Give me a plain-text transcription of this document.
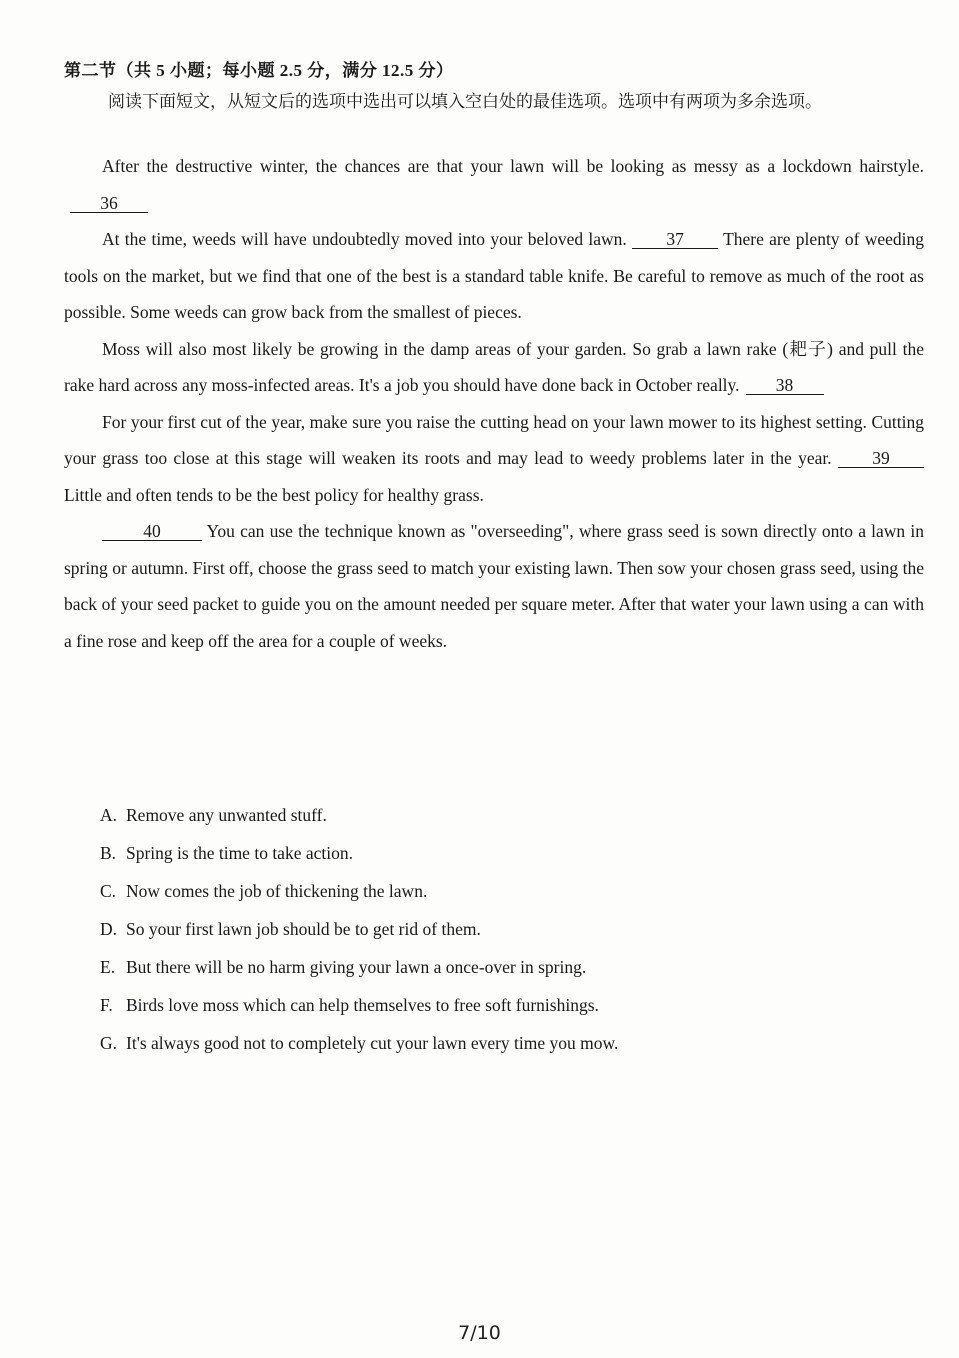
第二节（共 5 小题；每小题 2.5 分，满分 12.5 分）
阅读下面短文，从短文后的选项中选出可以填入空白处的最佳选项。选项中有两项为多余选项。

After the destructive winter, the chances are that your lawn will be looking as messy as a lockdown hairstyle.36

At the time, weeds will have undoubtedly moved into your beloved lawn. 37 There are plenty of weeding tools on the market, but we find that one of the best is a standard table knife. Be careful to remove as much of the root as possible. Some weeds can grow back from the smallest of pieces.

Moss will also most likely be growing in the damp areas of your garden. So grab a lawn rake (耙子) and pull the rake hard across any moss-infected areas. It's a job you should have done back in October really. 38

For your first cut of the year, make sure you raise the cutting head on your lawn mower to its highest setting. Cutting your grass too close at this stage will weaken its roots and may lead to weedy problems later in the year. 39 Little and often tends to be the best policy for healthy grass.

40	You can use the technique known as "overseeding", where grass seed is sown directly onto a lawn in spring or autumn. First off, choose the grass seed to match your existing lawn. Then sow your chosen grass seed, using the back of your seed packet to guide you on the amount needed per square meter. After that water your lawn using a can with a fine rose and keep off the area for a couple of weeks.

A. Remove any unwanted stuff.
B. Spring is the time to take action.
C. Now comes the job of thickening the lawn.
D. So your first lawn job should be to get rid of them.
E. But there will be no harm giving your lawn a once-over in spring.
F. Birds love moss which can help themselves to free soft furnishings.
G. It's always good not to completely cut your lawn every time you mow.
7/10
